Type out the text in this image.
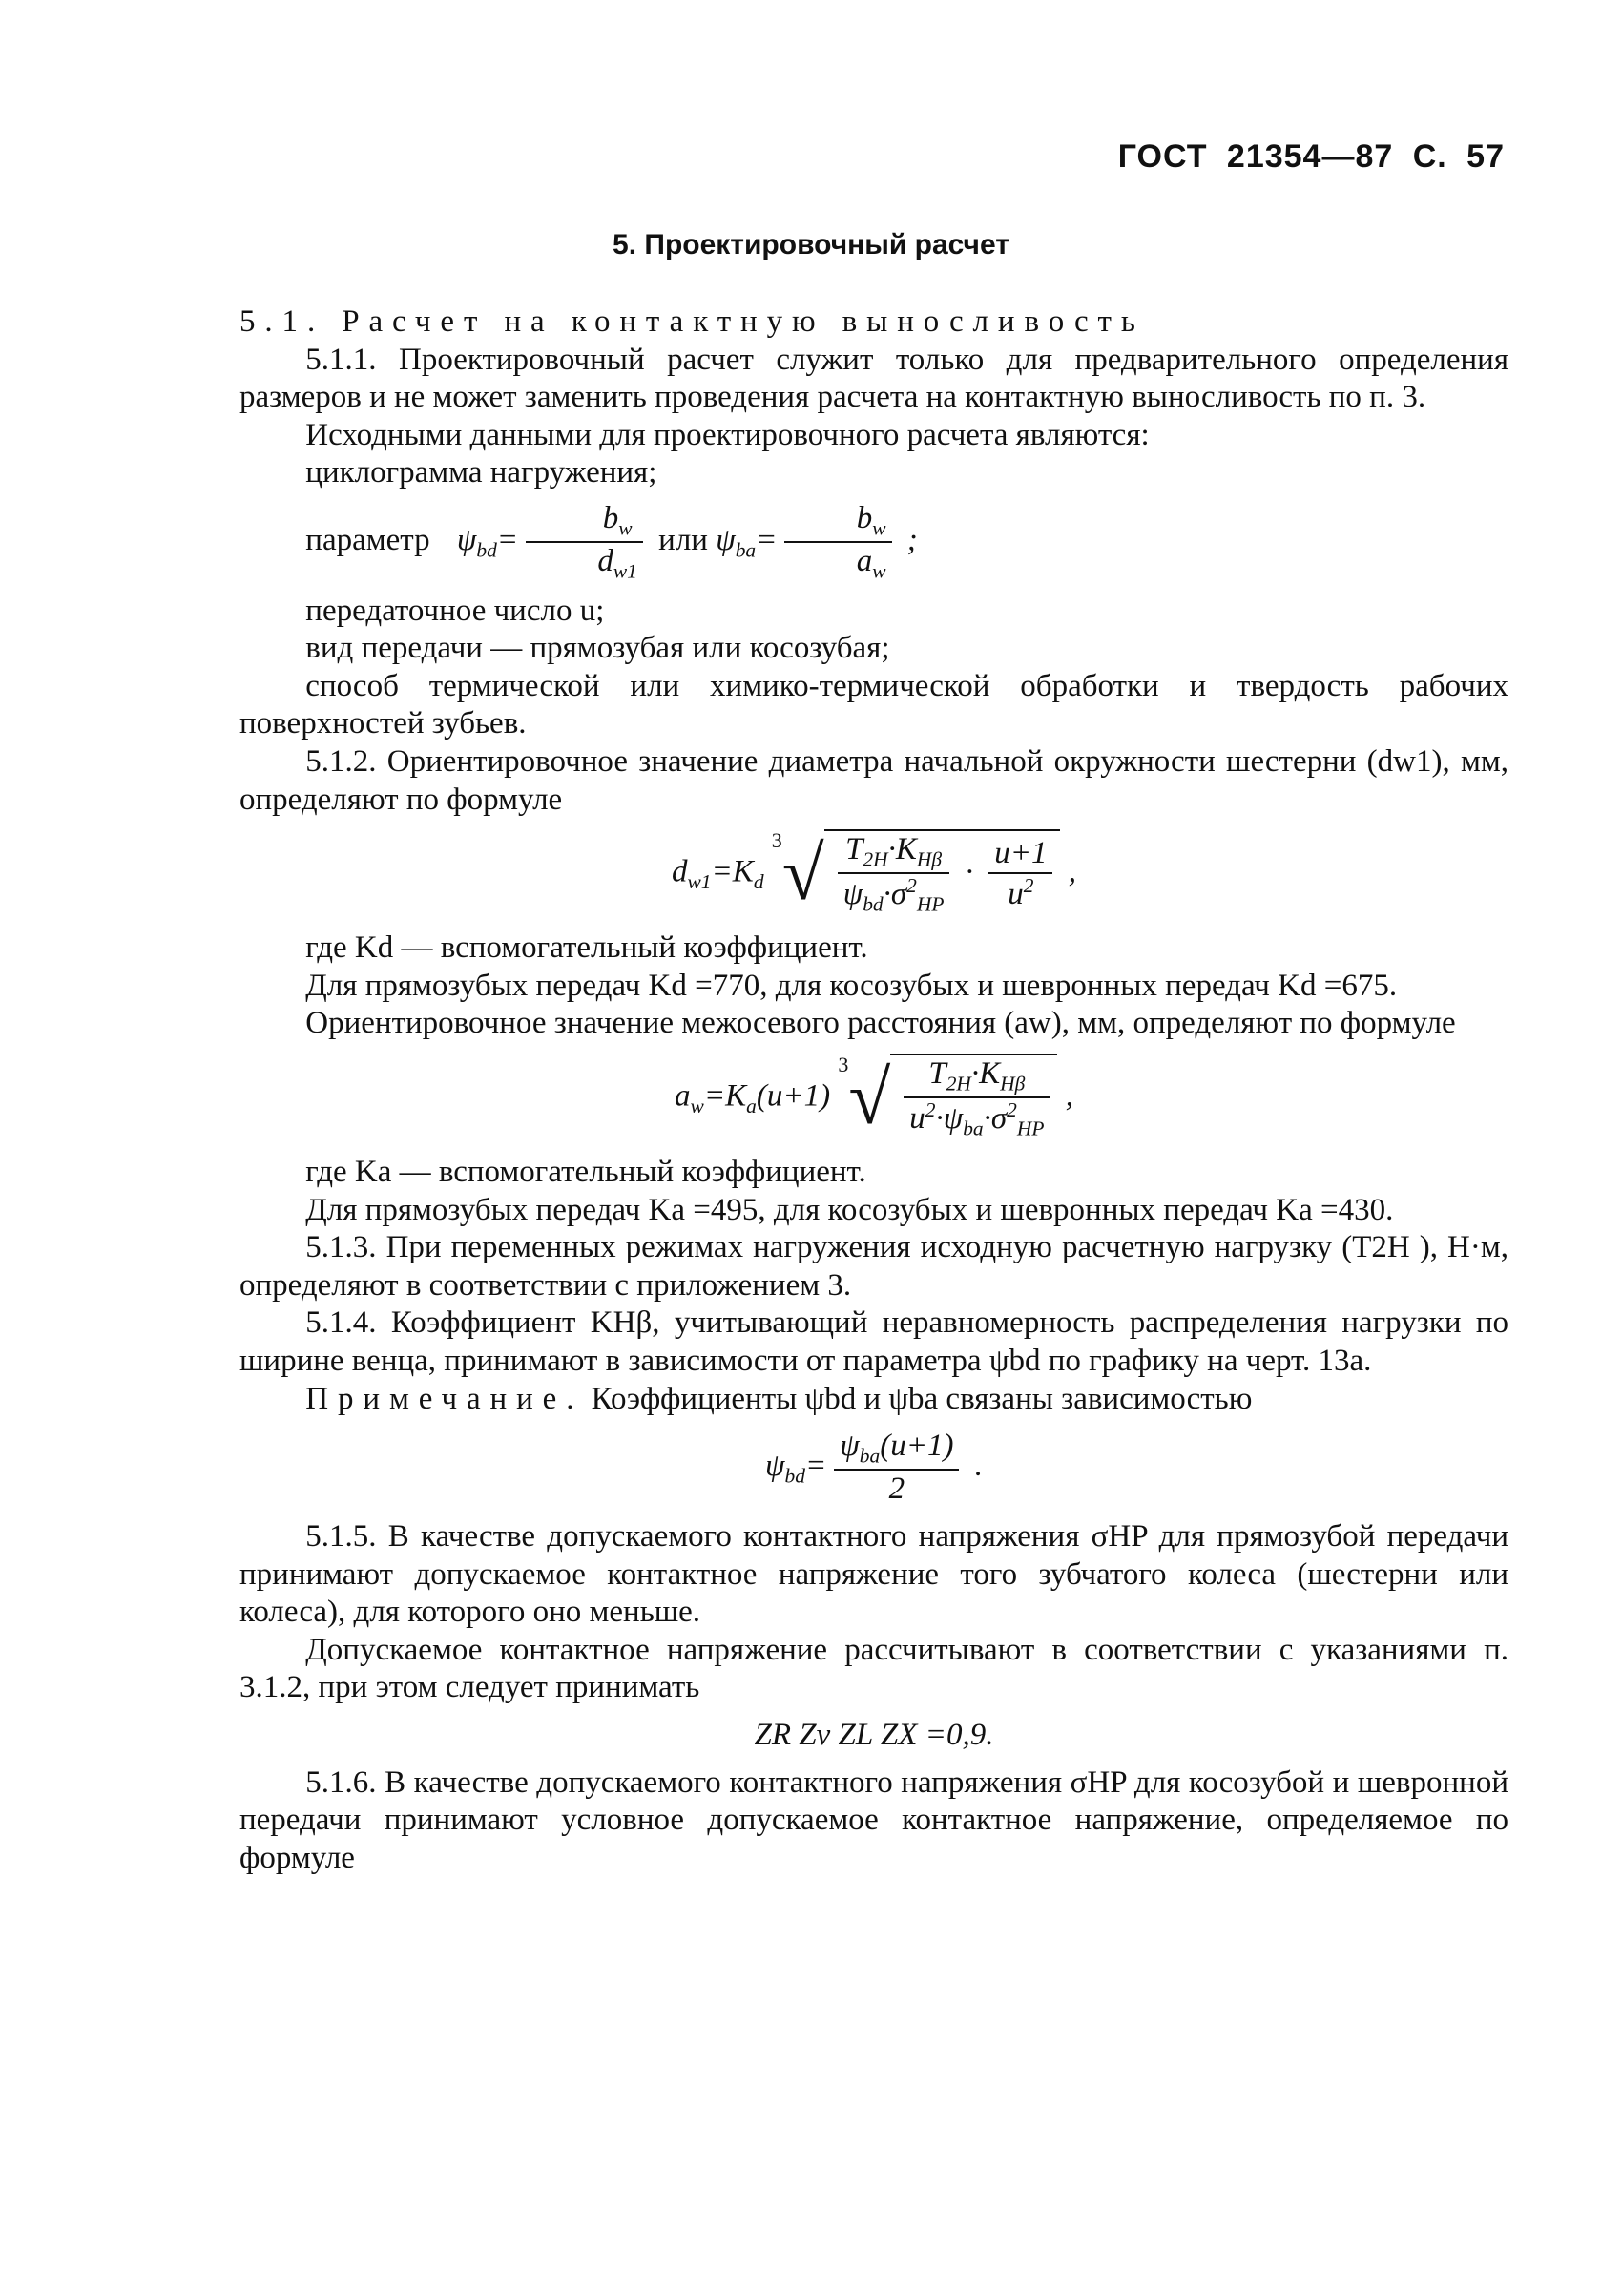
ГОСТ 21354—87 С. 57
5. Проектировочный расчет

5.1. Расчет на контактную выносливость

5.1.1. Проектировочный расчет служит только для предварительного определения размеров и не может заменить проведения расчета на контактную выносливость по п. 3.

Исходными данными для проектировочного расчета являются:

циклограмма нагружения;

параметр $\psi_{bd}= \frac{b_w}{d_{w1}}$ или $\psi_{ba}= \frac{b_w}{a_w}$ ;

передаточное число u;

вид передачи — прямозубая или косозубая;

способ термической или химико-термической обработки и твердость рабочих поверхностей зубьев.

5.1.2. Ориентировочное значение диаметра начальной окружности шестерни (dw1), мм, определяют по формуле

$d_{w1}=K_d$ $^3√ \frac{T_{2H}\cdot K_{H\beta}}{\psi_{bd}\cdot\sigma^2_{HP}} \cdot \frac{u+1}{u^2}$ ,

где Kd — вспомогательный коэффициент.

Для прямозубых передач Kd =770, для косозубых и шевронных передач Kd =675.

Ориентировочное значение межосевого расстояния (aw), мм, определяют по формуле

$a_w=K_a(u+1)$ $^3√ \frac{T_{2H}\cdot K_{H\beta}}{u^2\cdot\psi_{ba}\cdot\sigma^2_{HP}}$ ,

где Ka — вспомогательный коэффициент.

Для прямозубых передач Ka =495, для косозубых и шевронных передач Ka =430.

5.1.3. При переменных режимах нагружения исходную расчетную нагрузку (T2H ), Н·м, определяют в соответствии с приложением 3.

5.1.4. Коэффициент KHβ, учитывающий неравномерность распределения нагрузки по ширине венца, принимают в зависимости от параметра ψbd по графику на черт. 13а.

Примечание. Коэффициенты ψbd и ψba связаны зависимостью

$\psi_{bd}= \frac{\psi_{ba}(u+1)}{2}$ .

5.1.5. В качестве допускаемого контактного напряжения σHP для прямозубой передачи принимают допускаемое контактное напряжение того зубчатого колеса (шестерни или колеса), для которого оно меньше.

Допускаемое контактное напряжение рассчитывают в соответствии с указаниями п. 3.1.2, при этом следует принимать

ZR Zv ZL ZX =0,9.

5.1.6. В качестве допускаемого контактного напряжения σHP для косозубой и шевронной передачи принимают условное допускаемое контактное напряжение, определяемое по формуле
